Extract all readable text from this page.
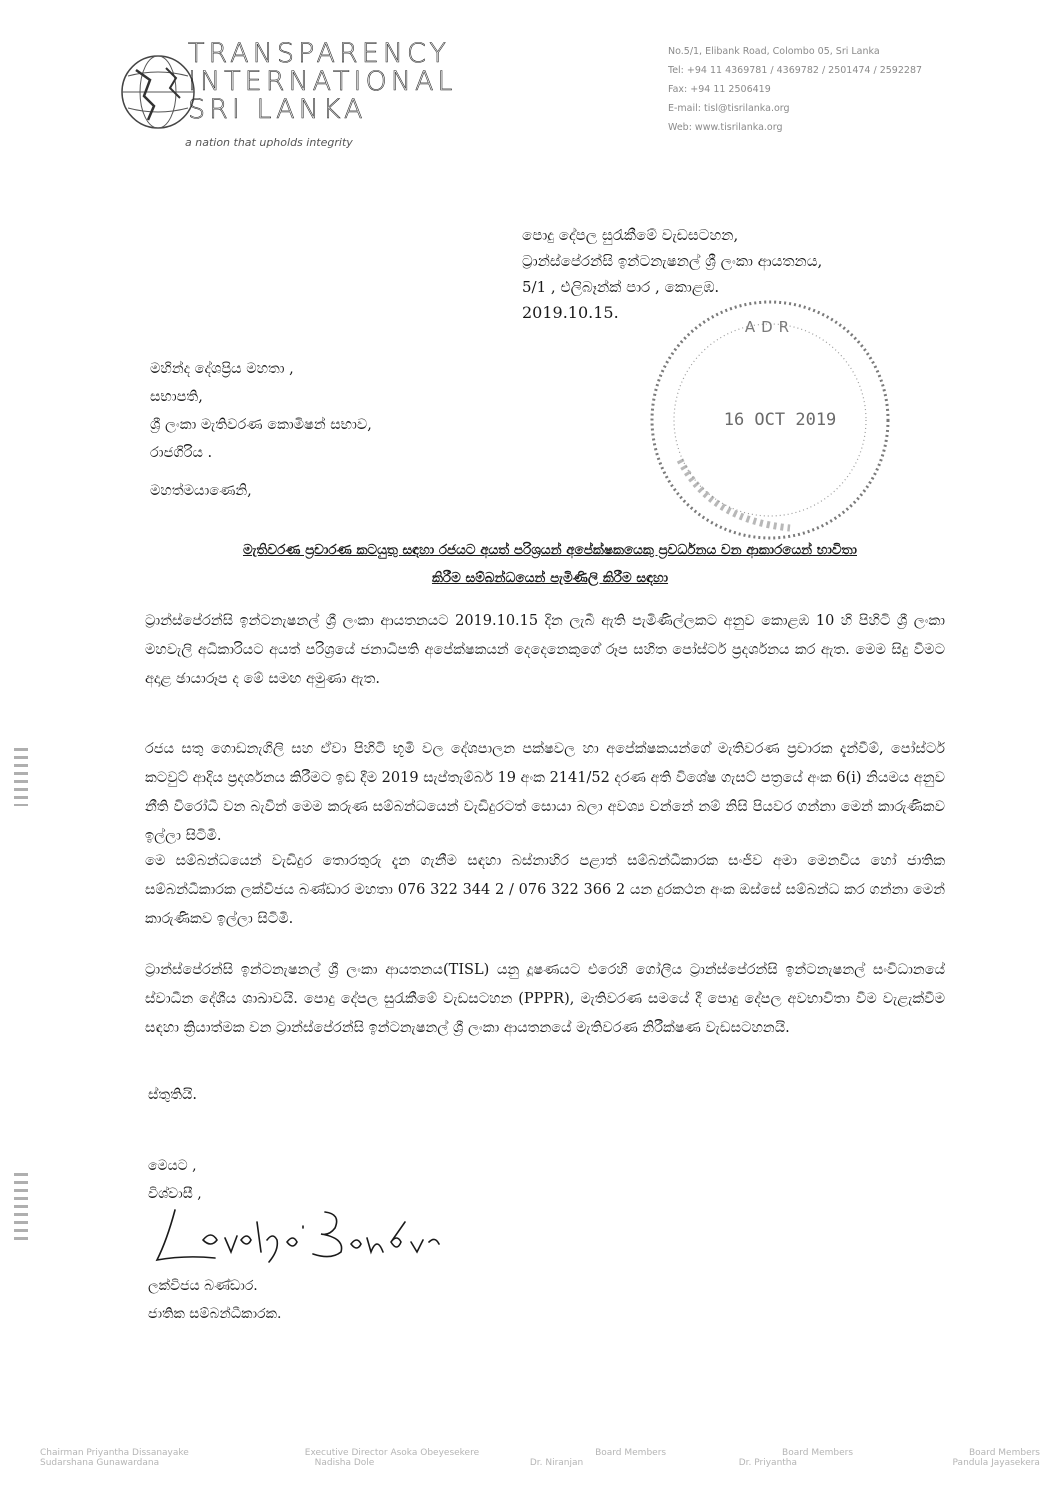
TRANSPARENCY
INTERNATIONAL
SRI LANKA
a nation that upholds integrity
No.5/1, Elibank Road, Colombo 05, Sri Lanka
Tel: +94 11 4369781 / 4369782 / 2501474 / 2592287
Fax: +94 11 2506419
E-mail: tisl@tisrilanka.org
Web: www.tisrilanka.org
පොදු දේපල සුරැකීමේ වැඩසටහන,
ට්‍රාන්ස්පේරන්සි ඉන්ටනැෂනල් ශ්‍රී ලංකා ආයතනය,
5/1 , එලිබෑන්ක් පාර , කොළඹ.
2019.10.15.
ADR
16 OCT 2019
මහින්ද දේශප්‍රිය මහතා ,
සභාපති,
ශ්‍රී ලංකා මැතිවරණ කොමිෂන් සභාව,
රාජගිරිය .
මහත්මයාණෙනි,
මැතිවරණ ප්‍රචාරණ කටයුතු සඳහා රජයට අයත් පරිශ්‍රයන් අපේක්ෂකයෙකු ප්‍රවර්ධනය වන ආකාරයෙන් භාවිතා
කිරීම සම්බන්ධයෙන් පැමිණිලි කිරීම සඳහා
ට්‍රාන්ස්පේරන්සි ඉන්ටනැෂනල් ශ්‍රී ලංකා ආයතනයට 2019.10.15 දින ලැබී ඇති පැමිණිල්ලකට අනුව කොළඹ 10 හි පිහිටි ශ්‍රී ලංකා මහවැලි අධිකාරියට අයත් පරිශ්‍රයේ ජනාධිපති අපේක්ෂකයන් දෙදෙනෙකුගේ රූප සහිත පෝස්ටර් ප්‍රදර්ශනය කර ඇත. මෙම සිදු වීමට අදාළ ඡායාරූප ද මේ සමඟ අමුණා ඇත.
රජය සතු ගොඩනැගිලි සහ ඒවා පිහිටි භූමි වල දේශපාලන පක්ෂවල හා අපේක්ෂකයන්ගේ මැතිවරණ ප්‍රචාරක දැන්වීම්, පෝස්ටර් කටවුට් ආදිය ප්‍රදර්ශනය කිරීමට ඉඩ දීම 2019 සැප්තැම්බර් 19 අංක 2141/52 දරණ අති විශේෂ ගැසට් පත්‍රයේ අංක 6(i) නියමය අනුව නීති විරෝධී වන බැවින් මෙම කරුණ සම්බන්ධයෙන් වැඩිදුරටත් සොයා බලා අවශ්‍ය වන්නේ නම් නිසි පියවර ගන්නා මෙන් කාරුණිකව ඉල්ලා සිටිමි.
මෙ සම්බන්ධයෙන් වැඩිදුර තොරතුරු දැන ගැනීම සඳහා බස්නාහිර පළාත් සම්බන්ධීකාරක සංජීව අමා මෙනවිය හෝ ජාතික සම්බන්ධීකාරක ලක්විජය බණ්ඩාර මහතා 076 322 344 2 / 076 322 366 2 යන දුරකථන අංක ඔස්සේ සම්බන්ධ කර ගන්නා මෙන් කාරුණිකව ඉල්ලා සිටිමි.
ට්‍රාන්ස්පේරන්සි ඉන්ටනැෂනල් ශ්‍රී ලංකා ආයතනය(TISL) යනු දූෂණයට එරෙහි ගෝලීය ට්‍රාන්ස්පේරන්සි ඉන්ටනැෂනල් සංවිධානයේ ස්වාධීන දේශීය ශාඛාවයි. පොදු දේපල සුරැකීමේ වැඩසටහන (PPPR), මැතිවරණ සමයේ දී පොදු දේපල අවභාවිතා වීම වැළැක්වීම සඳහා ක්‍රියාත්මක වන ට්‍රාන්ස්පේරන්සි ඉන්ටනැෂනල් ශ්‍රී ලංකා ආයතනයේ මැතිවරණ නිරීක්ෂණ වැඩසටහනයි.
ස්තුතියි.
මෙයට ,
විශ්වාසී ,
ලක්විජය බණ්ඩාර.
ජාතික සම්බන්ධීකාරක.
Chairman Priyantha Dissanayake	Executive Director Asoka Obeyesekere	Board Members	Board Members	Board Members
Sudarshana Gunawardana	Nadisha Dole	Dr. Niranjan	Dr. Priyantha	Pandula Jayasekera
